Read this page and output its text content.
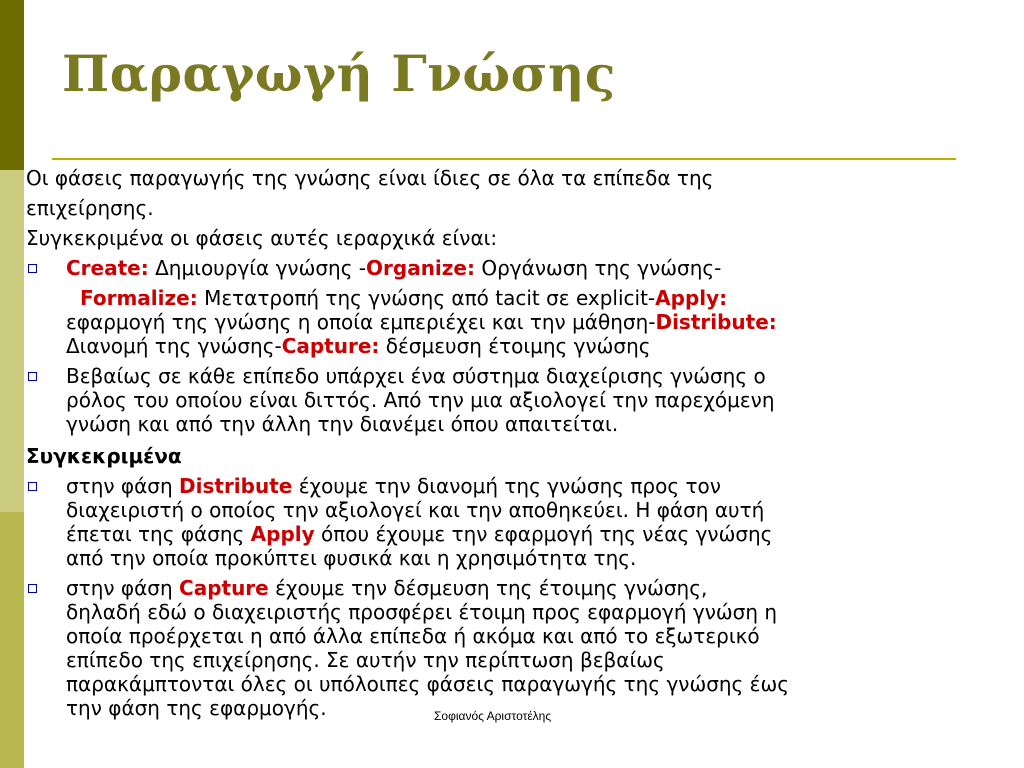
Παραγωγή Γνώσης
Οι φάσεις παραγωγής της γνώσης είναι ίδιες σε όλα τα επίπεδα της
επιχείρησης.
Συγκεκριμένα οι φάσεις αυτές ιεραρχικά είναι:
Create: Δημιουργία γνώσης -Organize: Οργάνωση της γνώσης-
Formalize: Μετατροπή της γνώσης από tacit σε explicit-Apply:
εφαρμογή της γνώσης η οποία εμπεριέχει και την μάθηση-Distribute:
Διανομή της γνώσης-Capture: δέσμευση έτοιμης γνώσης
Βεβαίως σε κάθε επίπεδο υπάρχει ένα σύστημα διαχείρισης γνώσης ο
ρόλος του οποίου είναι διττός. Από την μια αξιολογεί την παρεχόμενη
γνώση και από την άλλη την διανέμει όπου απαιτείται.
Συγκεκριμένα
στην φάση Distribute έχουμε την διανομή της γνώσης προς τον
διαχειριστή ο οποίος την αξιολογεί και την αποθηκεύει. Η φάση αυτή
έπεται της φάσης Apply όπου έχουμε την εφαρμογή της νέας γνώσης
από την οποία προκύπτει φυσικά και η χρησιμότητα της.
στην φάση Capture έχουμε την δέσμευση της έτοιμης γνώσης,
δηλαδή εδώ ο διαχειριστής προσφέρει έτοιμη προς εφαρμογή γνώση η
οποία προέρχεται η από άλλα επίπεδα ή ακόμα και από το εξωτερικό
επίπεδο της επιχείρησης. Σε αυτήν την περίπτωση βεβαίως
παρακάμπτονται όλες οι υπόλοιπες φάσεις παραγωγής της γνώσης έως
την φάση της εφαρμογής.	Σοφιανός Αριστοτέλης
